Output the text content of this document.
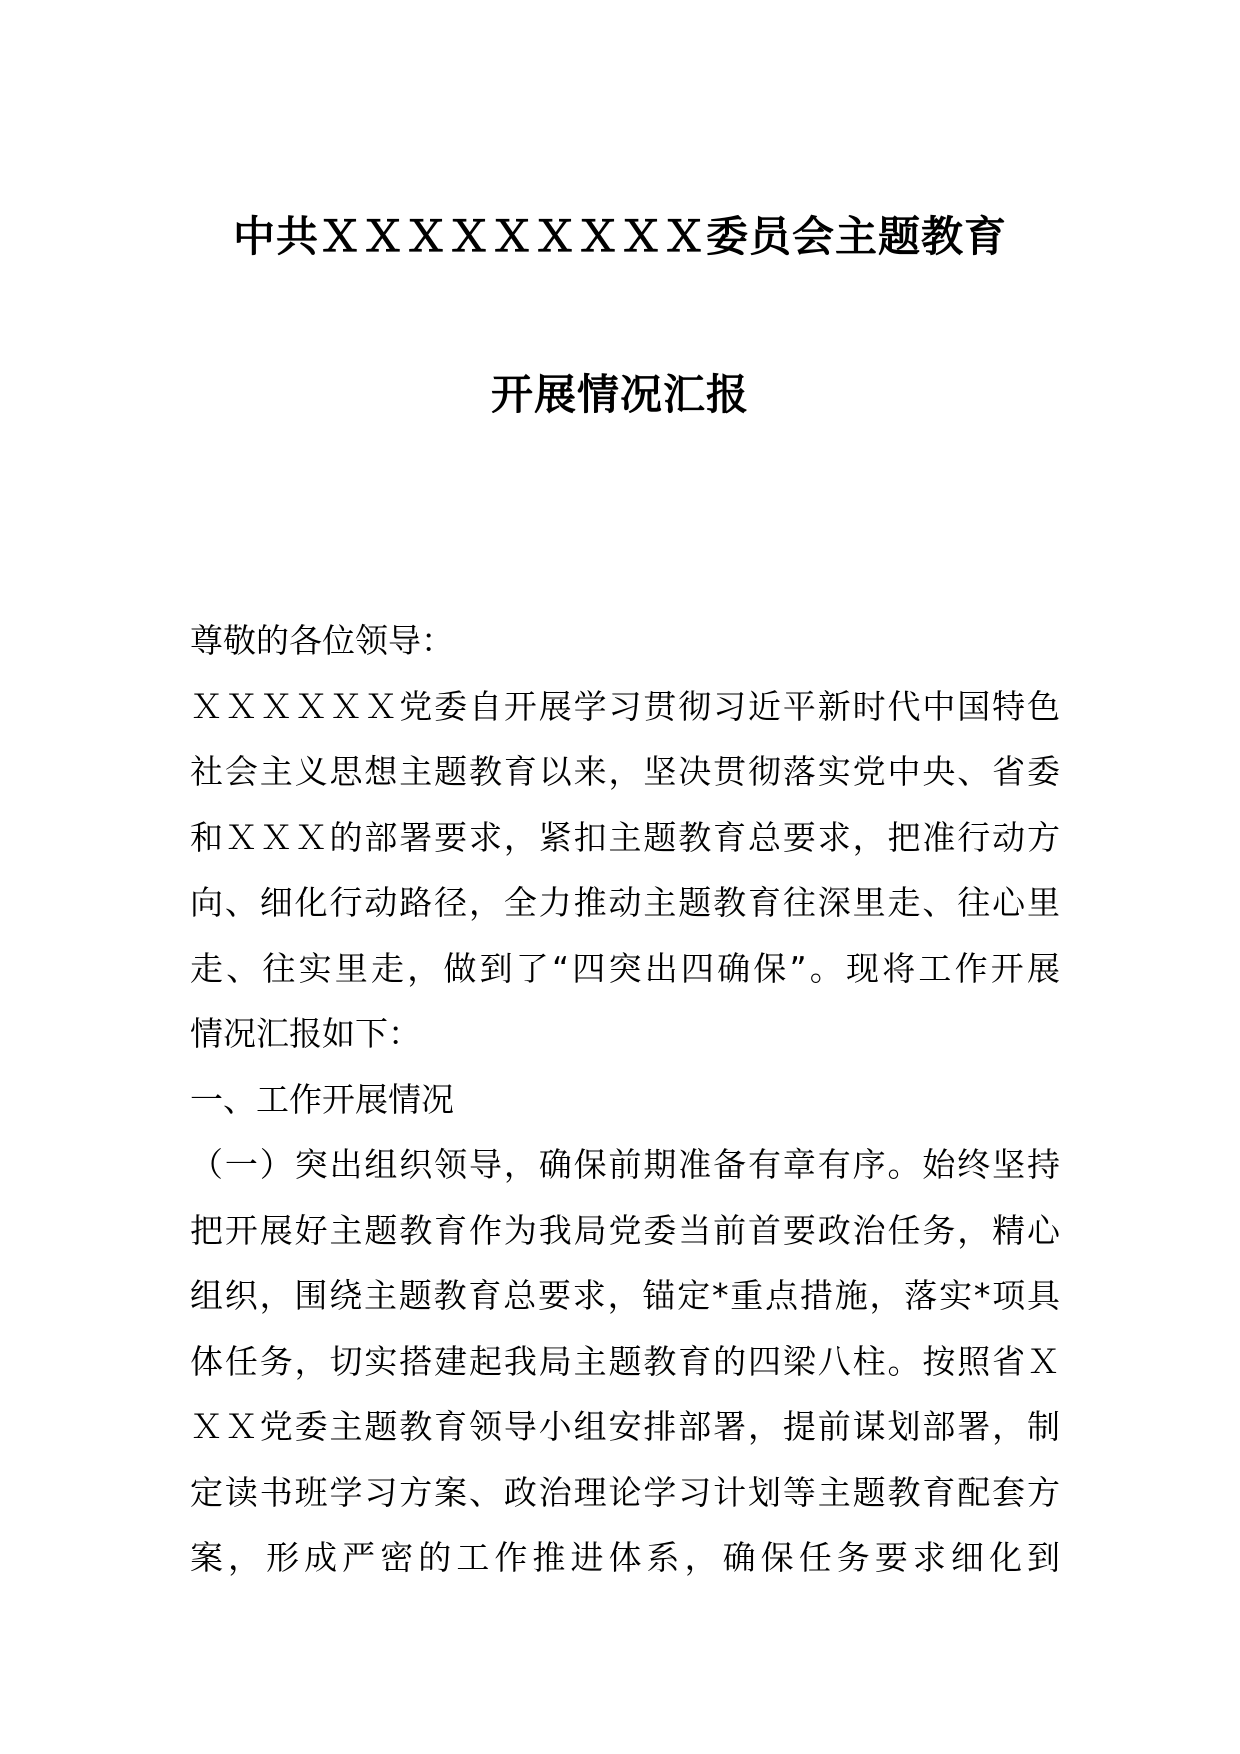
中共ＸＸＸＸＸＸＸＸＸ委员会主题教育
开展情况汇报
尊敬的各位领导：
ＸＸＸＸＸＸ党委自开展学习贯彻习近平新时代中国特色
社会主义思想主题教育以来，坚决贯彻落实党中央、省委
和ＸＸＸ的部署要求，紧扣主题教育总要求，把准行动方
向、细化行动路径，全力推动主题教育往深里走、往心里
走、往实里走，做到了“四突出四确保”。现将工作开展
情况汇报如下：
一、工作开展情况
（一）突出组织领导，确保前期准备有章有序。始终坚持
把开展好主题教育作为我局党委当前首要政治任务，精心
组织，围绕主题教育总要求，锚定*重点措施，落实*项具
体任务，切实搭建起我局主题教育的四梁八柱。按照省Ｘ
ＸＸ党委主题教育领导小组安排部署，提前谋划部署，制
定读书班学习方案、政治理论学习计划等主题教育配套方
案，形成严密的工作推进体系，确保任务要求细化到
